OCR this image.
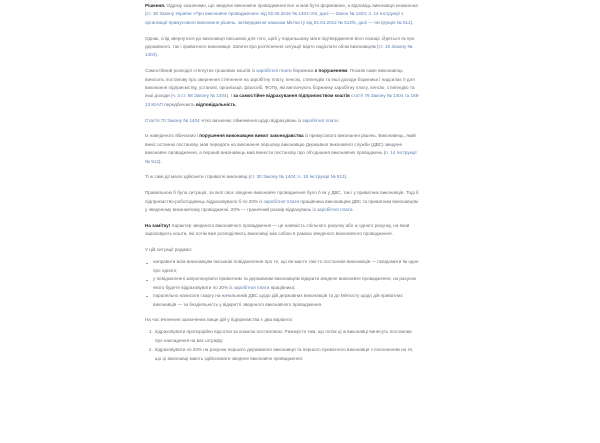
Рішення. Одразу зазначимо, що зведене виконавче провадження все ж мав бути формоване, а відповідь виконавця незаконна (ст. 30 Закону України «Про виконавче провадження» від 02.06.2016 № 1404-VIII, далі — Закон № 1404; п. 14 Інструкції з організації примусового виконання рішень, затвердженої наказом Мін'юсту від 02.04.2012 № 512/5, далі — Інструкція № 512).

Однак, слід звернутися до виконавця письмово для того, щоб у подальшому мати підтвердження його позиції. Йдеться як про державного, так і приватного виконавця. Запити про роз'яснення ситуації варто надіслати обом виконавцям (ст. 19 Закону № 1404).

Самостійний розподіл стягнутих грошових коштів із заробітної плати боржника є порушенням. Позаяк саме виконавець виносить постанову про звернення стягнення на заробітну плату, пенсію, стипендію та інші доходи боржника і надсилає її для виконання підприємству, установі, організації, фізособі, ФОПу, які виплачують боржнику заробітну плату, пенсію, стипендію та інші доходи (ч. 3 ст. 68 Закону № 1404). І за самостійне відрахування підприємством коштів статті 76 Закону № 1404 та 188-13 КпАП передбачають відповідальність.

Стаття 70 Закону № 1404 чітко визначає обмеження щодо відрахувань із заробітної плати.

Із наведеного вбачаємо і порушення виконавцем вимог законодавства із примусового виконання рішень. Виконавець, який виніс останню постанову, мав передати на виконання першому виконавцю Державної виконавчої служби (ДВС) зведене виконавче провадження, а перший виконавець мав винести постанову про об'єднання виконавчих проваджень (п. 14 Інструкції № 512).

Ті ж самі дії мали здійснити і приватні виконавці (ст. 30 Закону № 1404; п. 15 Інструкції № 512).

Правильною б була ситуація, за якої своє зведене виконавче провадження було б як у ДВС, так і у приватних виконавців. Тоді б підприємство-роботодавець відраховувало б по 20% із заробітної плати працівника виконавцям ДВС та приватним виконавцям у зведеному виконавчому провадженні. 20% — граничний розмір відрахувань із заробітної плати.

На замітку! Характер зведеного виконавчого провадження — це наявність спільного рахунку або ж одного рахунку, на який зараховують кошти, які потім вже розподіляють виконавці між собою в рамках зведеного виконавчого провадження.

У цій ситуації радимо:

направити всім виконавцям письмові повідомлення про те, що ви маєте такі-то постанови виконавців — повідомити їм одне про одного;
у повідомленні запропонувати приватним та державним виконавцям відкрити зведене виконавче провадження, на рахунок якого будете відраховувати по 20% із заробітної плати працівника;
паралельно написати скаргу на начальників ДВС щодо дій державних виконавців та до Мін'юсту щодо дій приватних виконавців — за бездіяльність у відкритті зведеного виконавчого провадження.

На час вчинення зазначених вище дій у підприємства є два варіанти:

1. відраховувати пропорційно відсотки за кожною постановою. Ризикуєте тим, що потім ці ж виконавці винесуть постанови про накладення на вас штрафу;
2. відраховувати по 20% на рахунок першого державного виконавця та першого приватного виконавця з посиланням на те, що ці виконавці мають здійснювати зведене виконавче провадження.
